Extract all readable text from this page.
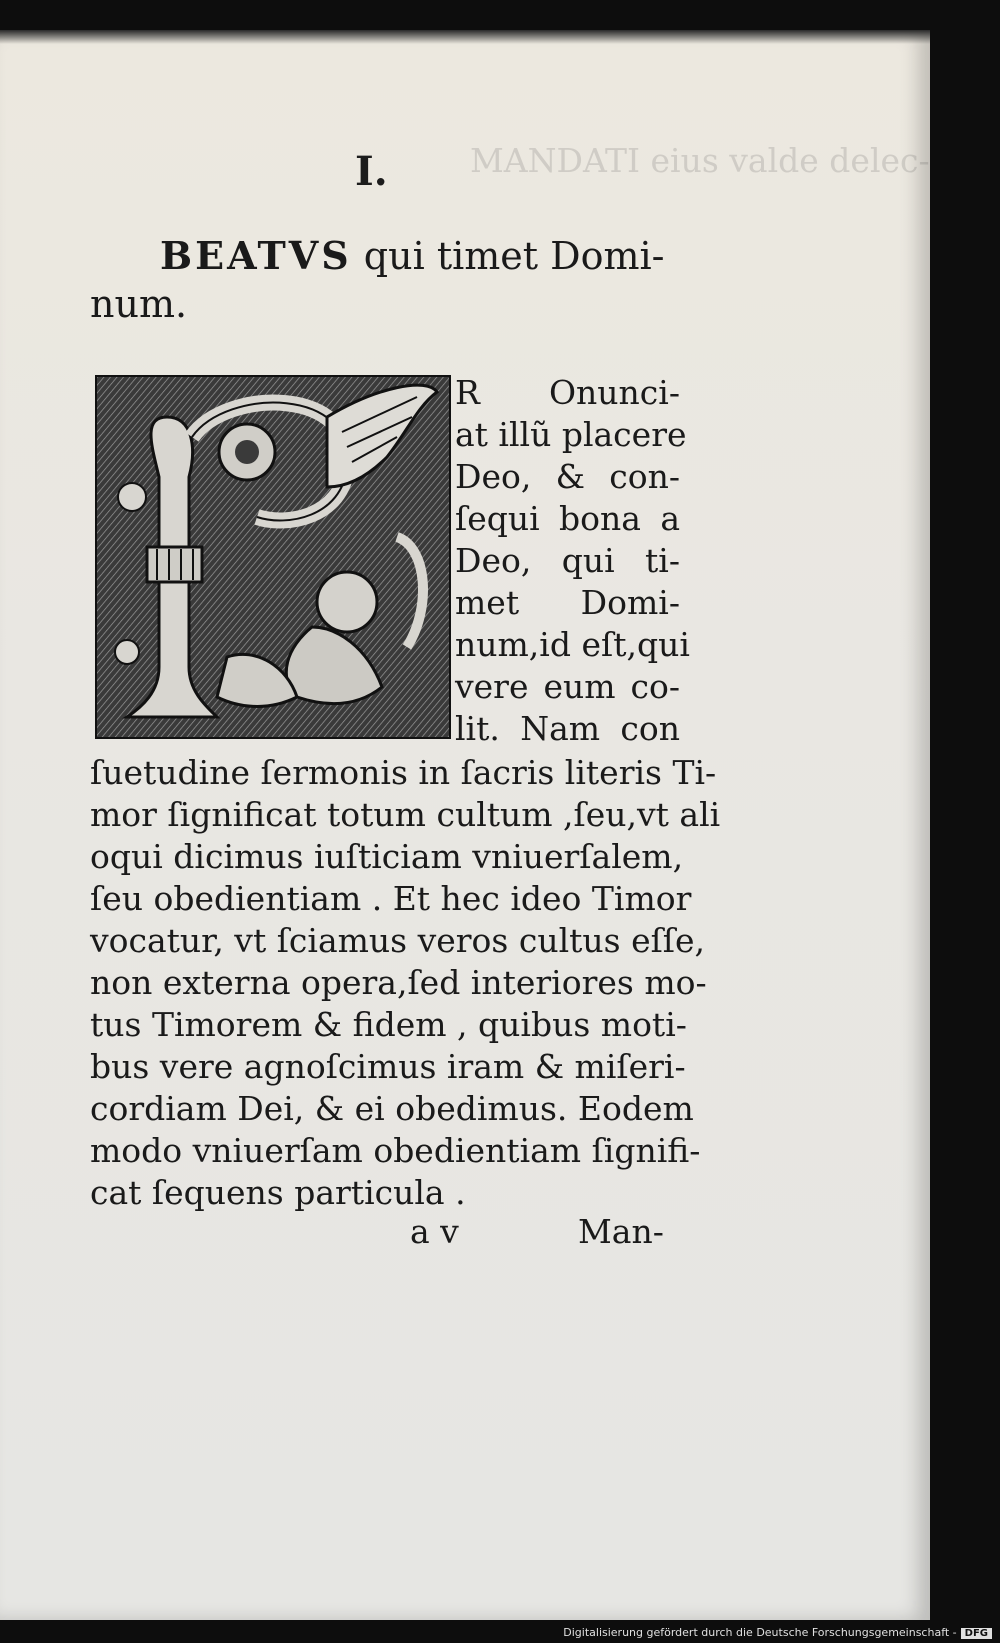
MANDATI eius valde delec-
I.
BEATVS qui timet Domi-num.
R Onunci-
at illũ placere
Deo, & con-
ſequi bona a
Deo, qui ti-
met Domi-
num,id eſt,qui
vere eum co-
lit. Nam con
ſuetudine ſermonis in ſacris literis Ti-
mor ſignificat totum cultum ,ſeu,vt ali
oqui dicimus iuſticiam vniuerſalem,
ſeu obedientiam . Et hec ideo Timor
vocatur, vt ſciamus veros cultus eſſe,
non externa opera,ſed interiores mo-
tus Timorem & fidem , quibus moti-
bus vere agnoſcimus iram & miſeri-
cordiam Dei, & ei obedimus. Eodem
modo vniuerſam obedientiam ſignifi-
cat ſequens particula .
a v	Man-
Digitalisierung gefördert durch die Deutsche Forschungsgemeinschaft - DFG
